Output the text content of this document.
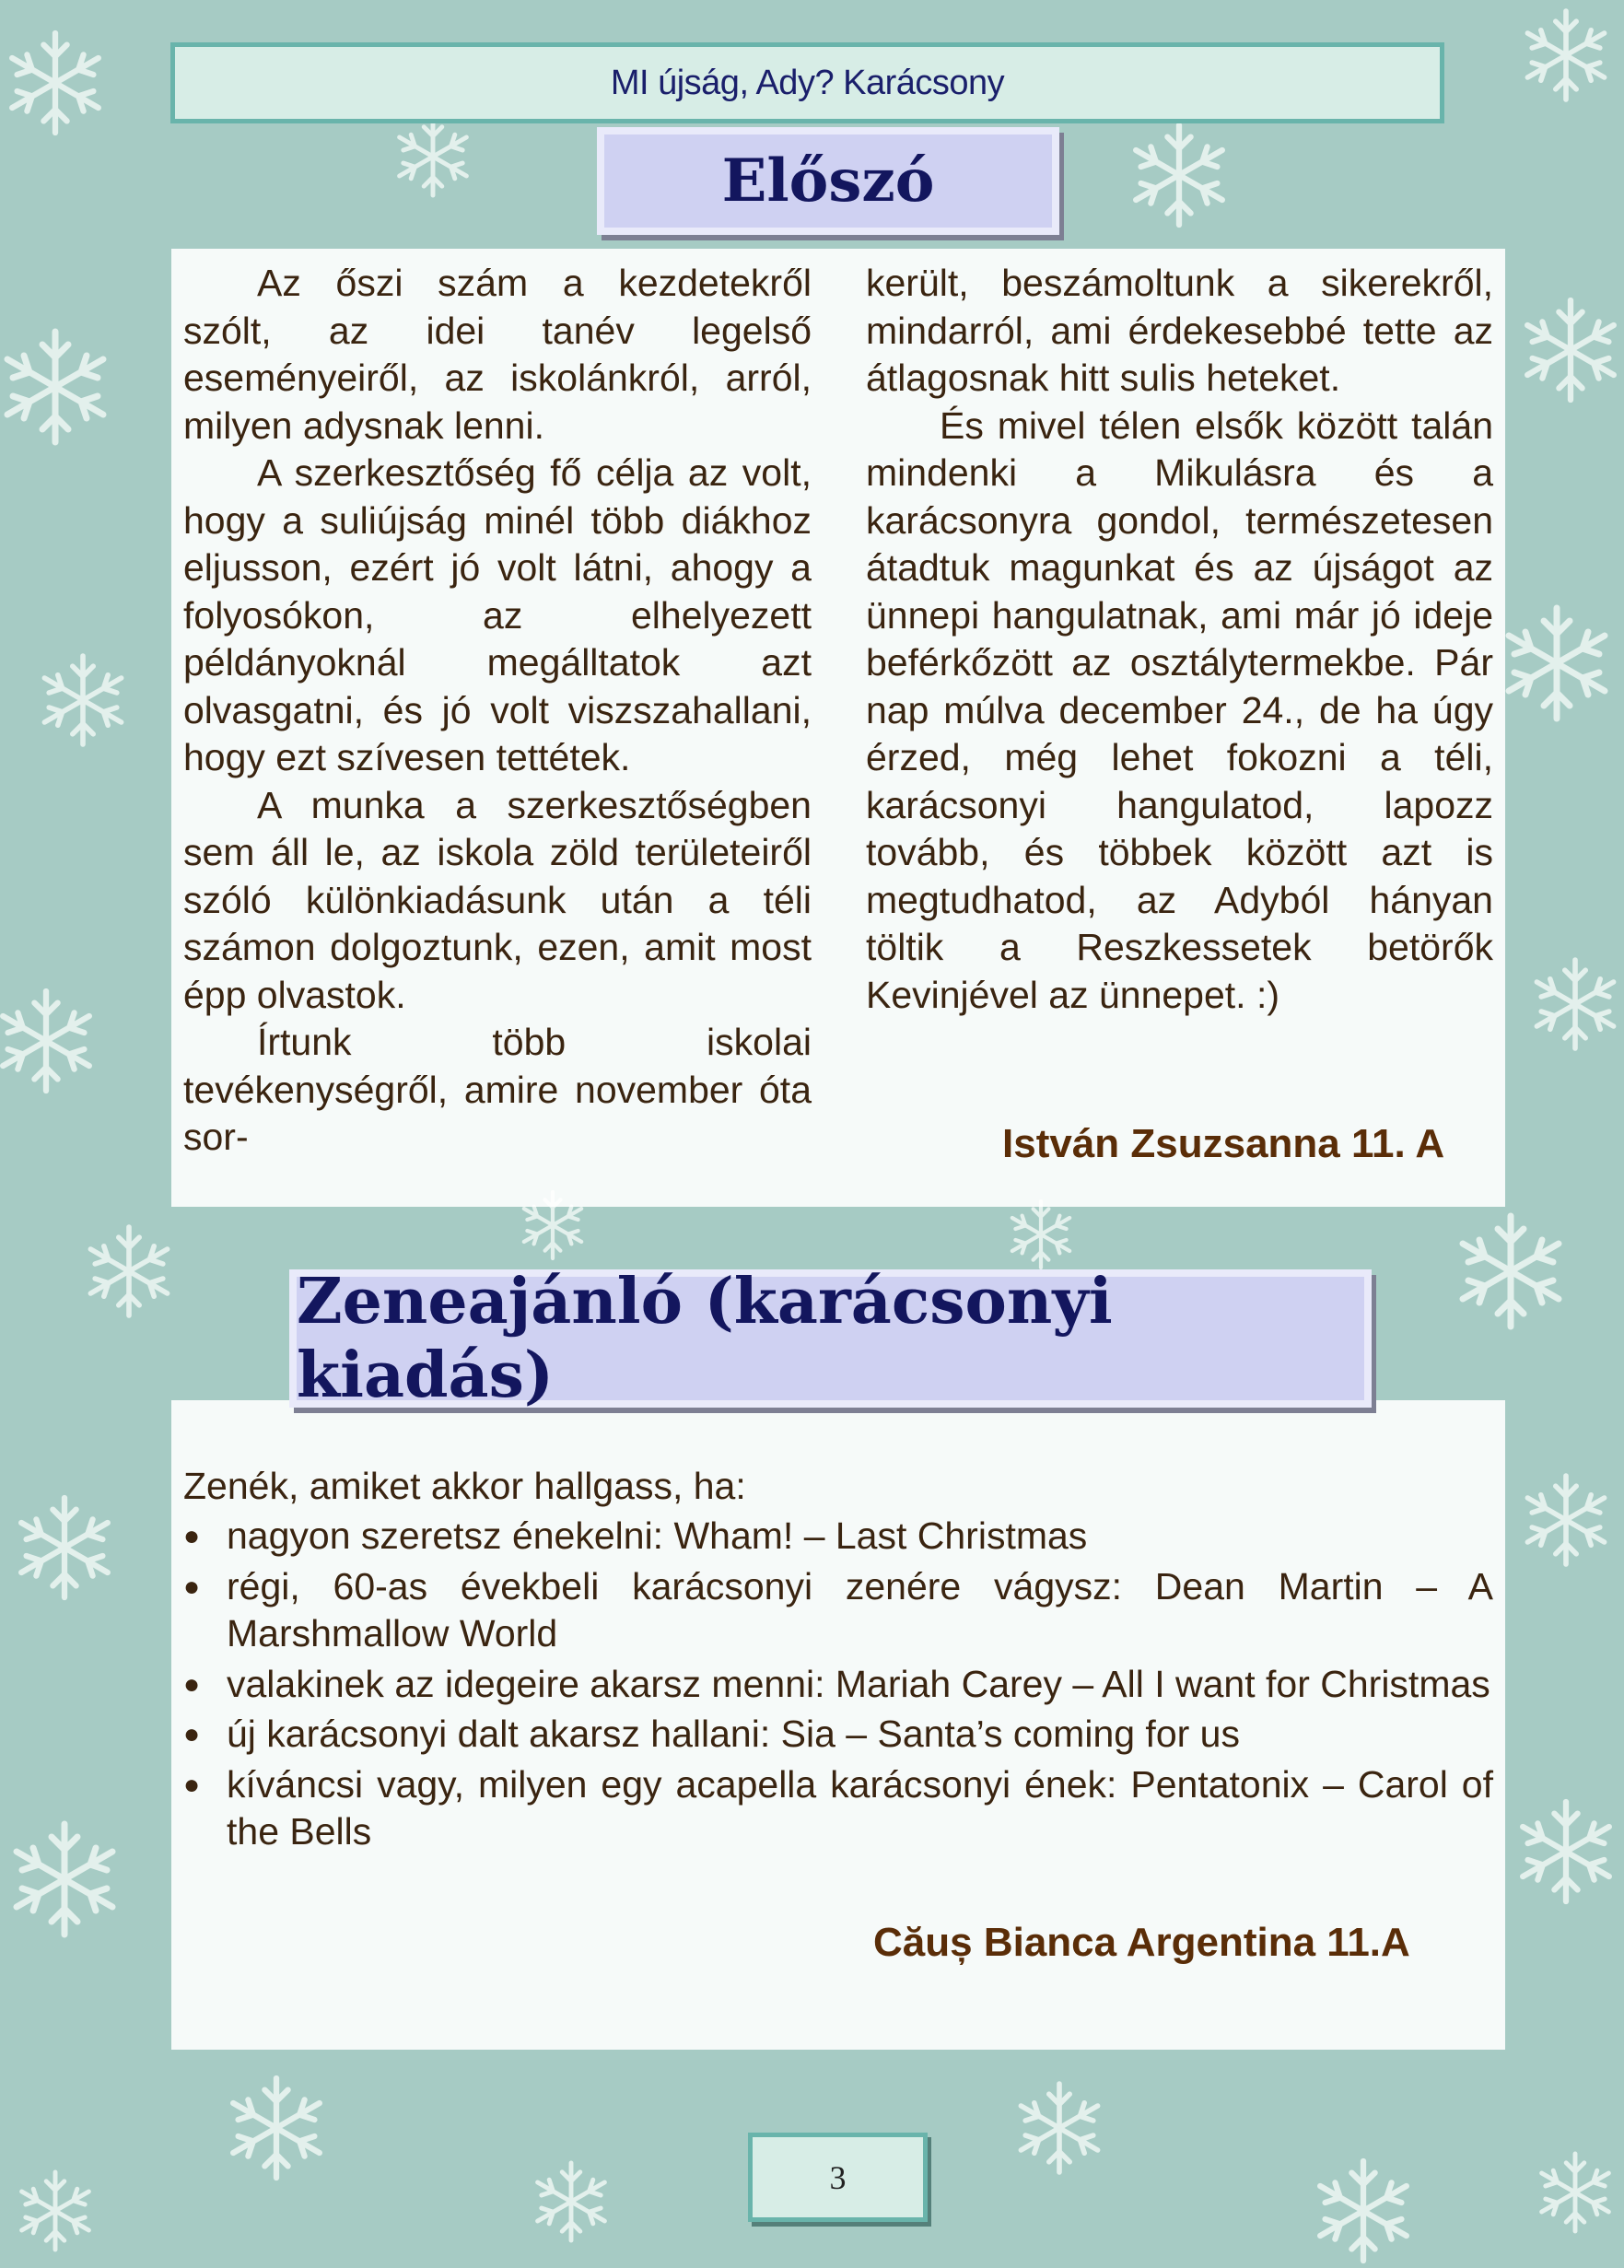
MI újság, Ady? Karácsony
Előszó

Az őszi szám a kezdetekről szólt, az idei tanév legelső eseményeiről, az iskolánkról, arról, milyen adysnak lenni.

A szerkesztőség fő célja az volt, hogy a suliújság minél több diákhoz eljusson, ezért jó volt látni, ahogy a folyosókon, az elhelyezett példányoknál megálltatok azt olvasgatni, és jó volt viszszahallani, hogy ezt szívesen tettétek.

A munka a szerkesztőségben sem áll le, az iskola zöld területeiről szóló különkiadásunk után a téli számon dolgoztunk, ezen, amit most épp olvastok.

Írtunk több iskolai tevékenységről, amire november óta sor-

került, beszámoltunk a sikerekről, mindarról, ami érdekesebbé tette az átlagosnak hitt sulis heteket.

És mivel télen elsők között talán mindenki a Mikulásra és a karácsonyra gondol, természetesen átadtuk magunkat és az újságot az ünnepi hangulatnak, ami már jó ideje beférkőzött az osztálytermekbe. Pár nap múlva december 24., de ha úgy érzed, még lehet fokozni a téli, karácsonyi hangulatod, lapozz tovább, és többek között azt is megtudhatod, az Adyból hányan töltik a Reszkessetek betörők Kevinjével az ünnepet. :)

István Zsuzsanna 11. A
Zeneajánló (karácsonyi kiadás)
Zenék, amiket akkor hallgass, ha:
● nagyon szeretsz énekelni: Wham! – Last Christmas
● régi, 60-as évekbeli karácsonyi zenére vágysz: Dean Martin – A Marshmallow World
● valakinek az idegeire akarsz menni: Mariah Carey – All I want for Christmas
● új karácsonyi dalt akarsz hallani: Sia – Santa’s coming for us
● kíváncsi vagy, milyen egy acapella karácsonyi ének: Pentatonix – Carol of the Bells
Căuș Bianca Argentina 11.A
3
